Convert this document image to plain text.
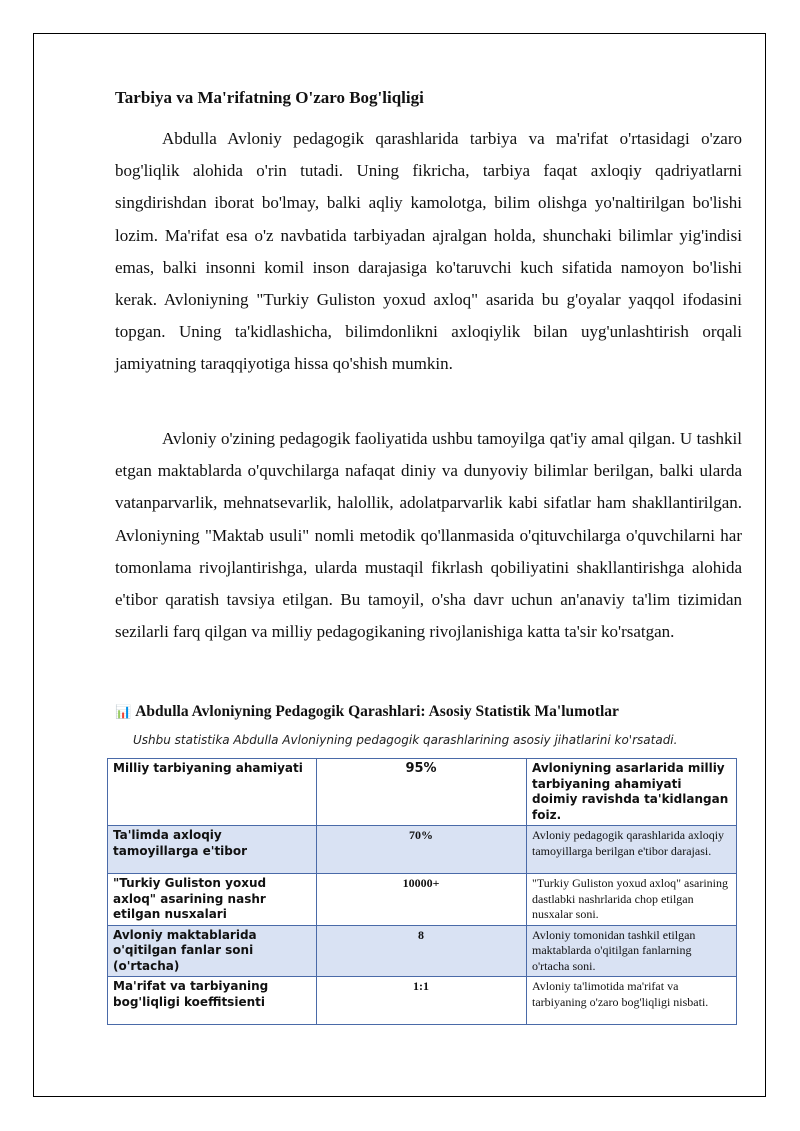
Tarbiya va Ma'rifatning O'zaro Bog'liqligi

Abdulla Avloniy pedagogik qarashlarida tarbiya va ma'rifat o'rtasidagi o'zaro bog'liqlik alohida o'rin tutadi. Uning fikricha, tarbiya faqat axloqiy qadriyatlarni singdirishdan iborat bo'lmay, balki aqliy kamolotga, bilim olishga yo'naltirilgan bo'lishi lozim. Ma'rifat esa o'z navbatida tarbiyadan ajralgan holda, shunchaki bilimlar yig'indisi emas, balki insonni komil inson darajasiga ko'taruvchi kuch sifatida namoyon bo'lishi kerak. Avloniyning "Turkiy Guliston yoxud axloq" asarida bu g'oyalar yaqqol ifodasini topgan. Uning ta'kidlashicha, bilimdonlikni axloqiylik bilan uyg'unlashtirish orqali jamiyatning taraqqiyotiga hissa qo'shish mumkin.

Avloniy o'zining pedagogik faoliyatida ushbu tamoyilga qat'iy amal qilgan. U tashkil etgan maktablarda o'quvchilarga nafaqat diniy va dunyoviy bilimlar berilgan, balki ularda vatanparvarlik, mehnatsevarlik, halollik, adolatparvarlik kabi sifatlar ham shakllantirilgan. Avloniyning "Maktab usuli" nomli metodik qo'llanmasida o'qituvchilarga o'quvchilarni har tomonlama rivojlantirishga, ularda mustaqil fikrlash qobiliyatini shakllantirishga alohida e'tibor qaratish tavsiya etilgan. Bu tamoyil, o'sha davr uchun an'anaviy ta'lim tizimidan sezilarli farq qilgan va milliy pedagogikaning rivojlanishiga katta ta'sir ko'rsatgan.

📊 Abdulla Avloniyning Pedagogik Qarashlari: Asosiy Statistik Ma'lumotlar

Ushbu statistika Abdulla Avloniyning pedagogik qarashlarining asosiy jihatlarini ko'rsatadi.

Milliy tarbiyaning ahamiyati	95%	Avloniyning asarlarida milliy tarbiyaning ahamiyati doimiy ravishda ta'kidlangan foiz.
Ta'limda axloqiy tamoyillarga e'tibor	70%	Avloniy pedagogik qarashlarida axloqiy tamoyillarga berilgan e'tibor darajasi.
"Turkiy Guliston yoxud axloq" asarining nashr etilgan nusxalari	10000+	"Turkiy Guliston yoxud axloq" asarining dastlabki nashrlarida chop etilgan nusxalar soni.
Avloniy maktablarida o'qitilgan fanlar soni (o'rtacha)	8	Avloniy tomonidan tashkil etilgan maktablarda o'qitilgan fanlarning o'rtacha soni.
Ma'rifat va tarbiyaning bog'liqligi koeffitsienti	1:1	Avloniy ta'limotida ma'rifat va tarbiyaning o'zaro bog'liqligi nisbati.
